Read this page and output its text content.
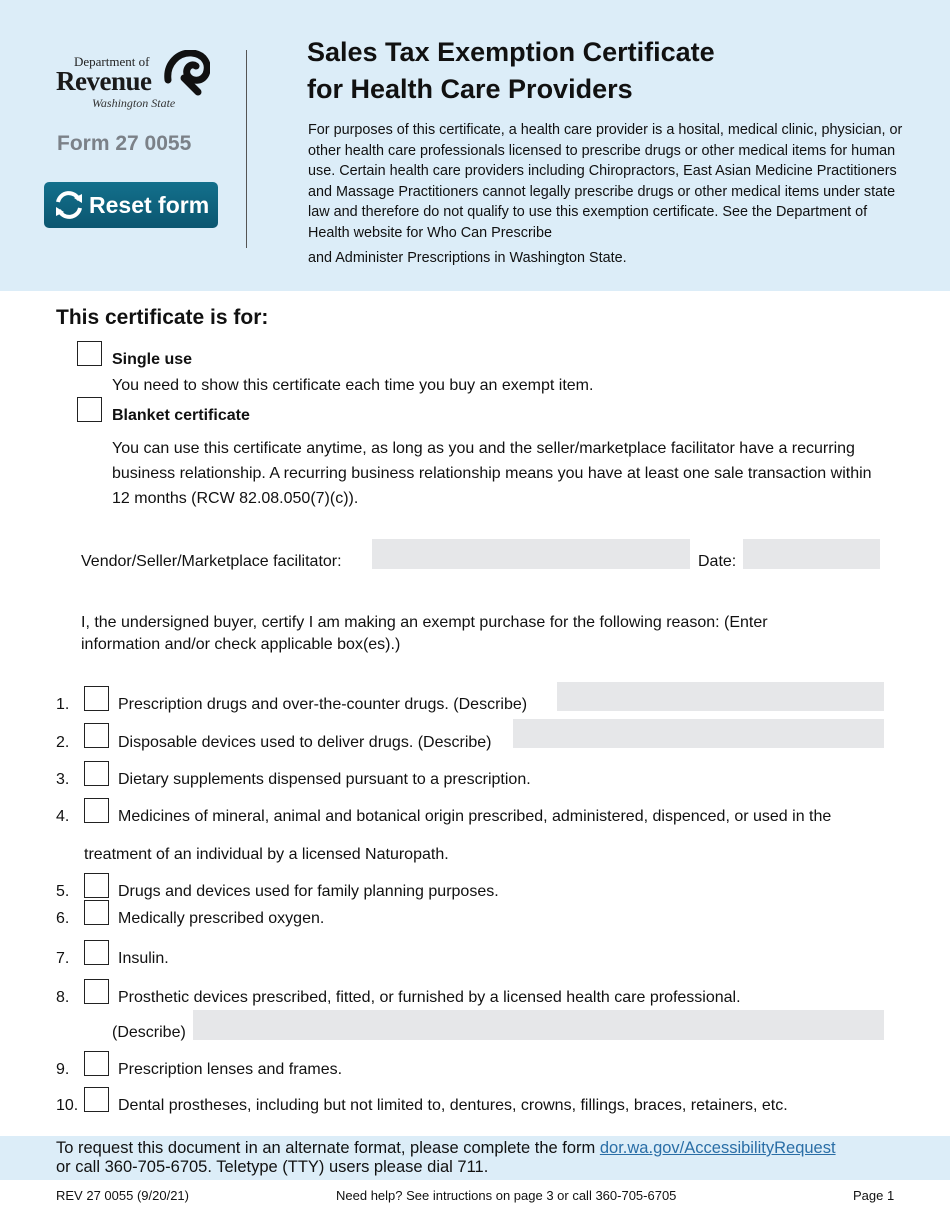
Department of
Revenue
Washington State
Form 27 0055
Reset form
Sales Tax Exemption Certificate
for Health Care Providers
For purposes of this certificate, a health care provider is a hosital, medical clinic, physician, or other health care professionals licensed to prescribe drugs or other medical items for human use. Certain health care providers including Chiropractors, East Asian Medicine Practitioners and Massage Practitioners cannot legally prescribe drugs or other medical items under state law and therefore do not qualify to use this exemption certificate. See the Department of Health website for Who Can Prescribe
and Administer Prescriptions in Washington State.
This certificate is for:
Single use
You need to show this certificate each time you buy an exempt item.
Blanket certificate
You can use this certificate anytime, as long as you and the seller/marketplace facilitator have a recurring business relationship. A recurring business relationship means you have at least one sale transaction within 12 months (RCW 82.08.050(7)(c)).
Vendor/Seller/Marketplace facilitator:	Date:
I, the undersigned buyer, certify I am making an exempt purchase for the following reason: (Enter information and/or check applicable box(es).)
1.	Prescription drugs and over-the-counter drugs. (Describe)
2.	Disposable devices used to deliver drugs. (Describe)
3.	Dietary supplements dispensed pursuant to a prescription.
4.	Medicines of mineral, animal and botanical origin prescribed, administered, dispenced, or used in the
treatment of an individual by a licensed Naturopath.
5.	Drugs and devices used for family planning purposes.
6.	Medically prescribed oxygen.
7.	Insulin.
8.	Prosthetic devices prescribed, fitted, or furnished by a licensed health care professional.
(Describe)
9.	Prescription lenses and frames.
10. Dental prostheses, including but not limited to, dentures, crowns, fillings, braces, retainers, etc.
To request this document in an alternate format, please complete the form dor.wa.gov/AccessibilityRequest
or call 360-705-6705. Teletype (TTY) users please dial 711.
REV 27 0055 (9/20/21)	Need help? See intructions on page 3 or call 360-705-6705	Page 1
